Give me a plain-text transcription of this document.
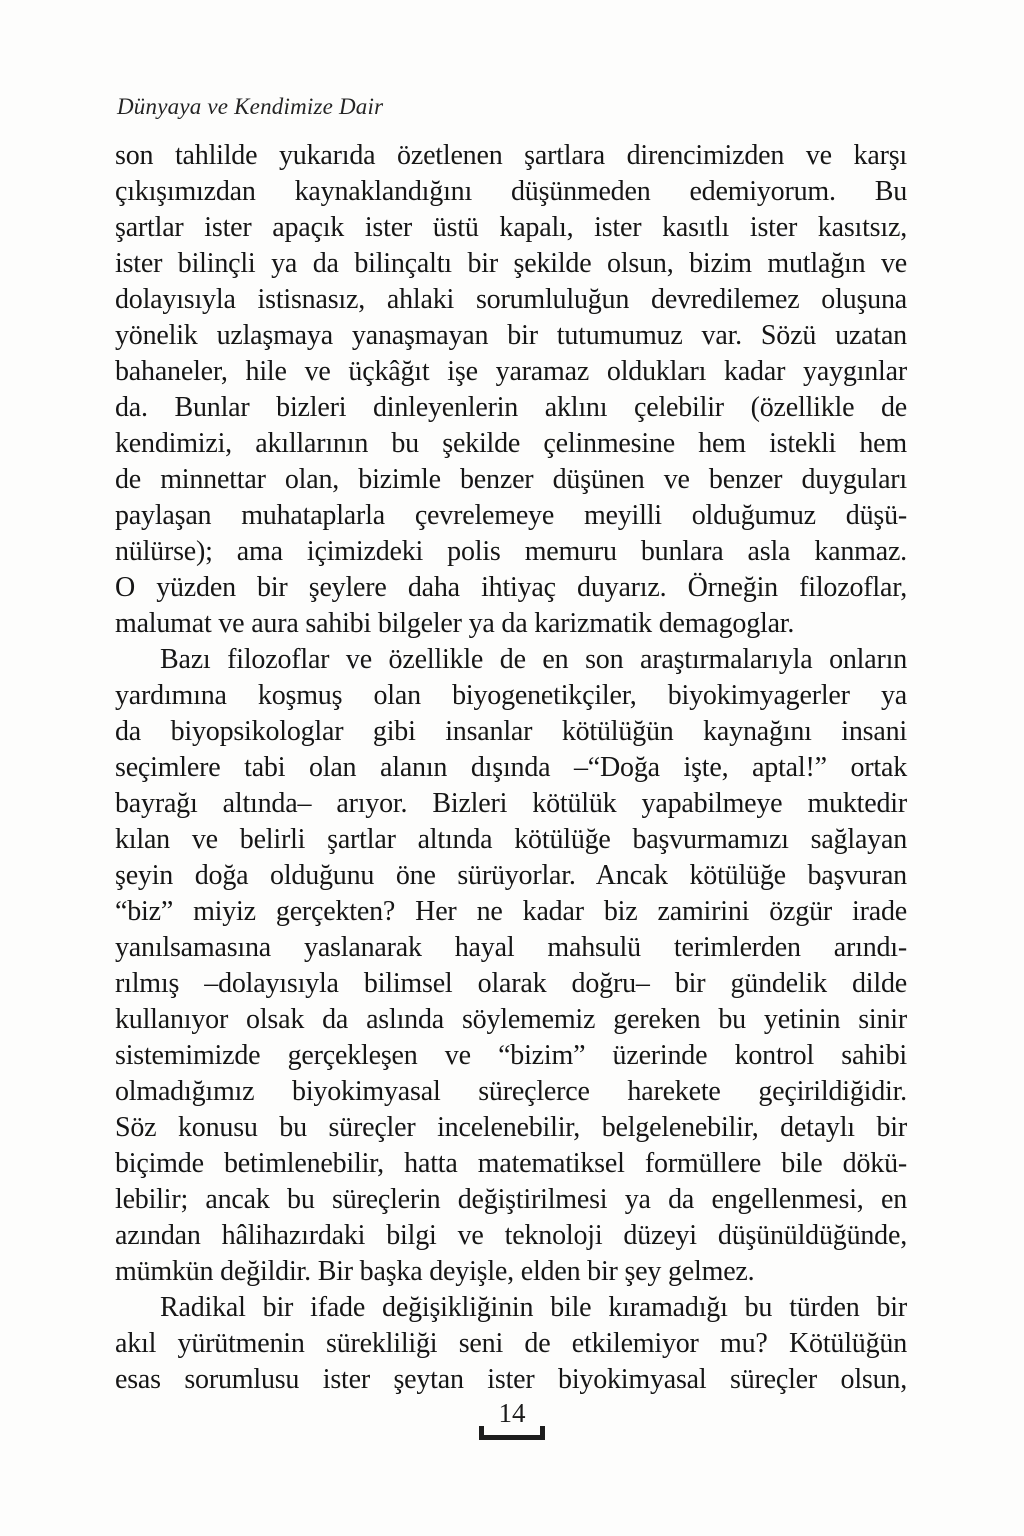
Dünyaya ve Kendimize Dair
son tahlilde yukarıda özetlenen şartlara direncimizden ve karşı
çıkışımızdan kaynaklandığını düşünmeden edemiyorum. Bu
şartlar ister apaçık ister üstü kapalı, ister kasıtlı ister kasıtsız,
ister bilinçli ya da bilinçaltı bir şekilde olsun, bizim mutlağın ve
dolayısıyla istisnasız, ahlaki sorumluluğun devredilemez oluşuna
yönelik uzlaşmaya yanaşmayan bir tutumumuz var. Sözü uzatan
bahaneler, hile ve üçkâğıt işe yaramaz oldukları kadar yaygınlar
da. Bunlar bizleri dinleyenlerin aklını çelebilir (özellikle de
kendimizi, akıllarının bu şekilde çelinmesine hem istekli hem
de minnettar olan, bizimle benzer düşünen ve benzer duyguları
paylaşan muhataplarla çevrelemeye meyilli olduğumuz düşü-
nülürse); ama içimizdeki polis memuru bunlara asla kanmaz.
O yüzden bir şeylere daha ihtiyaç duyarız. Örneğin filozoflar,
malumat ve aura sahibi bilgeler ya da karizmatik demagoglar.
Bazı filozoflar ve özellikle de en son araştırmalarıyla onların
yardımına koşmuş olan biyogenetikçiler, biyokimyagerler ya
da biyopsikologlar gibi insanlar kötülüğün kaynağını insani
seçimlere tabi olan alanın dışında –“Doğa işte, aptal!” ortak
bayrağı altında– arıyor. Bizleri kötülük yapabilmeye muktedir
kılan ve belirli şartlar altında kötülüğe başvurmamızı sağlayan
şeyin doğa olduğunu öne sürüyorlar. Ancak kötülüğe başvuran
“biz” miyiz gerçekten? Her ne kadar biz zamirini özgür irade
yanılsamasına yaslanarak hayal mahsulü terimlerden arındı-
rılmış –dolayısıyla bilimsel olarak doğru– bir gündelik dilde
kullanıyor olsak da aslında söylememiz gereken bu yetinin sinir
sistemimizde gerçekleşen ve “bizim” üzerinde kontrol sahibi
olmadığımız biyokimyasal süreçlerce harekete geçirildiğidir.
Söz konusu bu süreçler incelenebilir, belgelenebilir, detaylı bir
biçimde betimlenebilir, hatta matematiksel formüllere bile dökü-
lebilir; ancak bu süreçlerin değiştirilmesi ya da engellenmesi, en
azından hâlihazırdaki bilgi ve teknoloji düzeyi düşünüldüğünde,
mümkün değildir. Bir başka deyişle, elden bir şey gelmez.
Radikal bir ifade değişikliğinin bile kıramadığı bu türden bir
akıl yürütmenin sürekliliği seni de etkilemiyor mu? Kötülüğün
esas sorumlusu ister şeytan ister biyokimyasal süreçler olsun,
14
